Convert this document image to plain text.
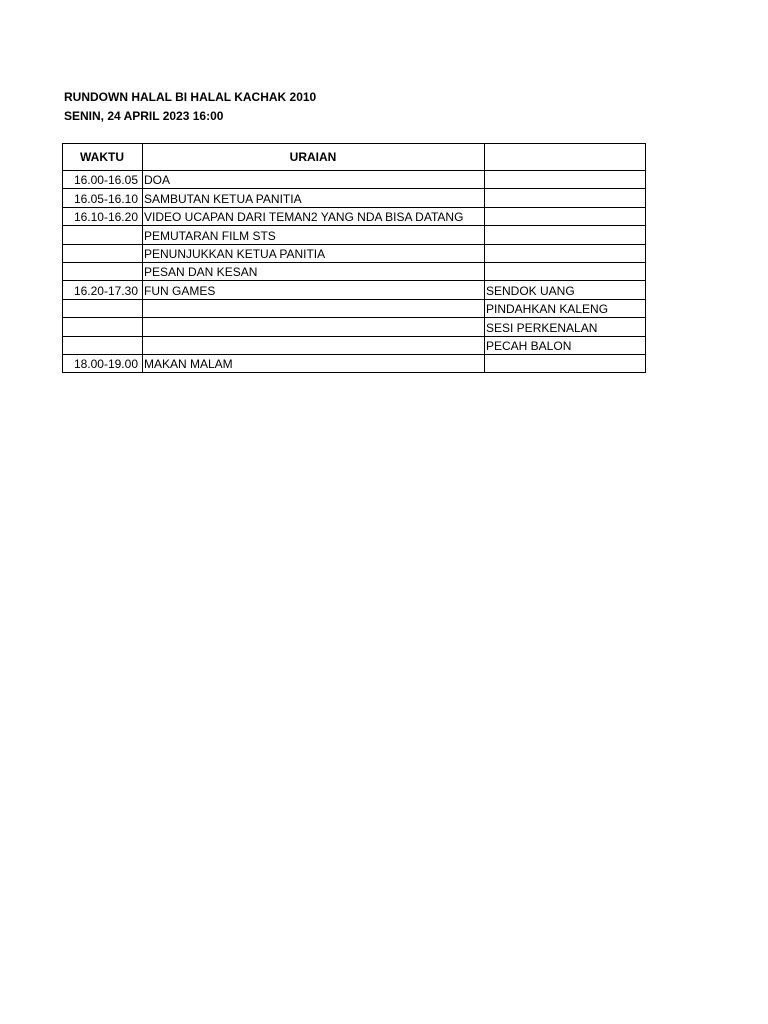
RUNDOWN HALAL BI HALAL KACHAK 2010
SENIN, 24 APRIL 2023 16:00
WAKTU	URAIAN	
16.00-16.05	DOA	
16.05-16.10	SAMBUTAN KETUA PANITIA	
16.10-16.20	VIDEO UCAPAN DARI TEMAN2 YANG NDA BISA DATANG	
	PEMUTARAN FILM STS	
	PENUNJUKKAN KETUA PANITIA	
	PESAN DAN KESAN	
16.20-17.30	FUN GAMES	SENDOK UANG
		PINDAHKAN KALENG
		SESI PERKENALAN
		PECAH BALON
18.00-19.00	MAKAN MALAM	
